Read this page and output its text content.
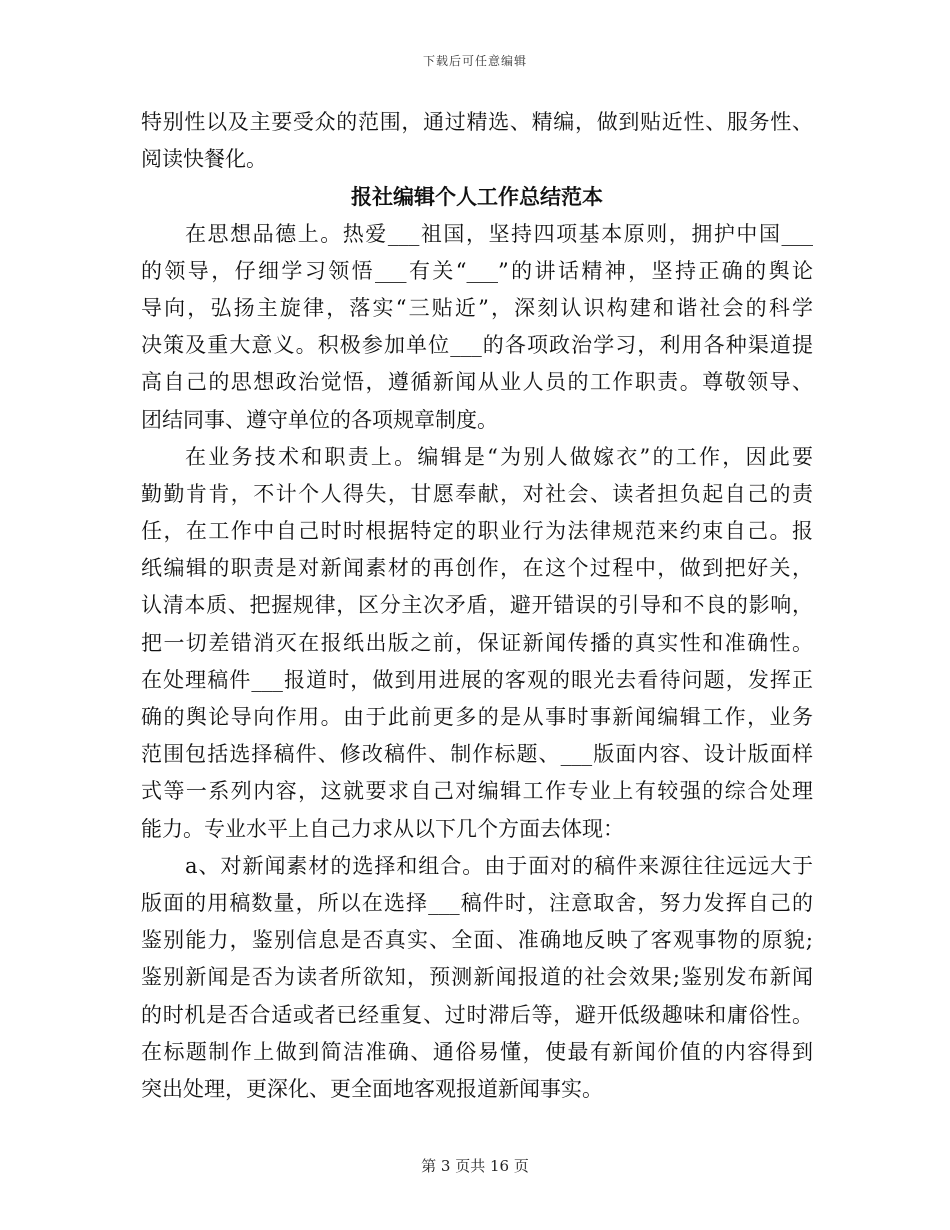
下载后可任意编辑
特别性以及主要受众的范围，通过精选、精编，做到贴近性、服务性、
阅读快餐化。
报社编辑个人工作总结范本
在思想品德上。热爱___祖国，坚持四项基本原则，拥护中国___
的领导，仔细学习领悟___有关“___”的讲话精神，坚持正确的舆论
导向，弘扬主旋律，落实“三贴近”，深刻认识构建和谐社会的科学
决策及重大意义。积极参加单位___的各项政治学习，利用各种渠道提
高自己的思想政治觉悟，遵循新闻从业人员的工作职责。尊敬领导、
团结同事、遵守单位的各项规章制度。
在业务技术和职责上。编辑是“为别人做嫁衣”的工作，因此要
勤勤肯肯，不计个人得失，甘愿奉献，对社会、读者担负起自己的责
任，在工作中自己时时根据特定的职业行为法律规范来约束自己。报
纸编辑的职责是对新闻素材的再创作，在这个过程中，做到把好关，
认清本质、把握规律，区分主次矛盾，避开错误的引导和不良的影响，
把一切差错消灭在报纸出版之前，保证新闻传播的真实性和准确性。
在处理稿件___报道时，做到用进展的客观的眼光去看待问题，发挥正
确的舆论导向作用。由于此前更多的是从事时事新闻编辑工作，业务
范围包括选择稿件、修改稿件、制作标题、___版面内容、设计版面样
式等一系列内容，这就要求自己对编辑工作专业上有较强的综合处理
能力。专业水平上自己力求从以下几个方面去体现：
a、对新闻素材的选择和组合。由于面对的稿件来源往往远远大于
版面的用稿数量，所以在选择___稿件时，注意取舍，努力发挥自己的
鉴别能力，鉴别信息是否真实、全面、准确地反映了客观事物的原貌;
鉴别新闻是否为读者所欲知，预测新闻报道的社会效果;鉴别发布新闻
的时机是否合适或者已经重复、过时滞后等，避开低级趣味和庸俗性。
在标题制作上做到简洁准确、通俗易懂，使最有新闻价值的内容得到
突出处理，更深化、更全面地客观报道新闻事实。
第 3 页共 16 页
